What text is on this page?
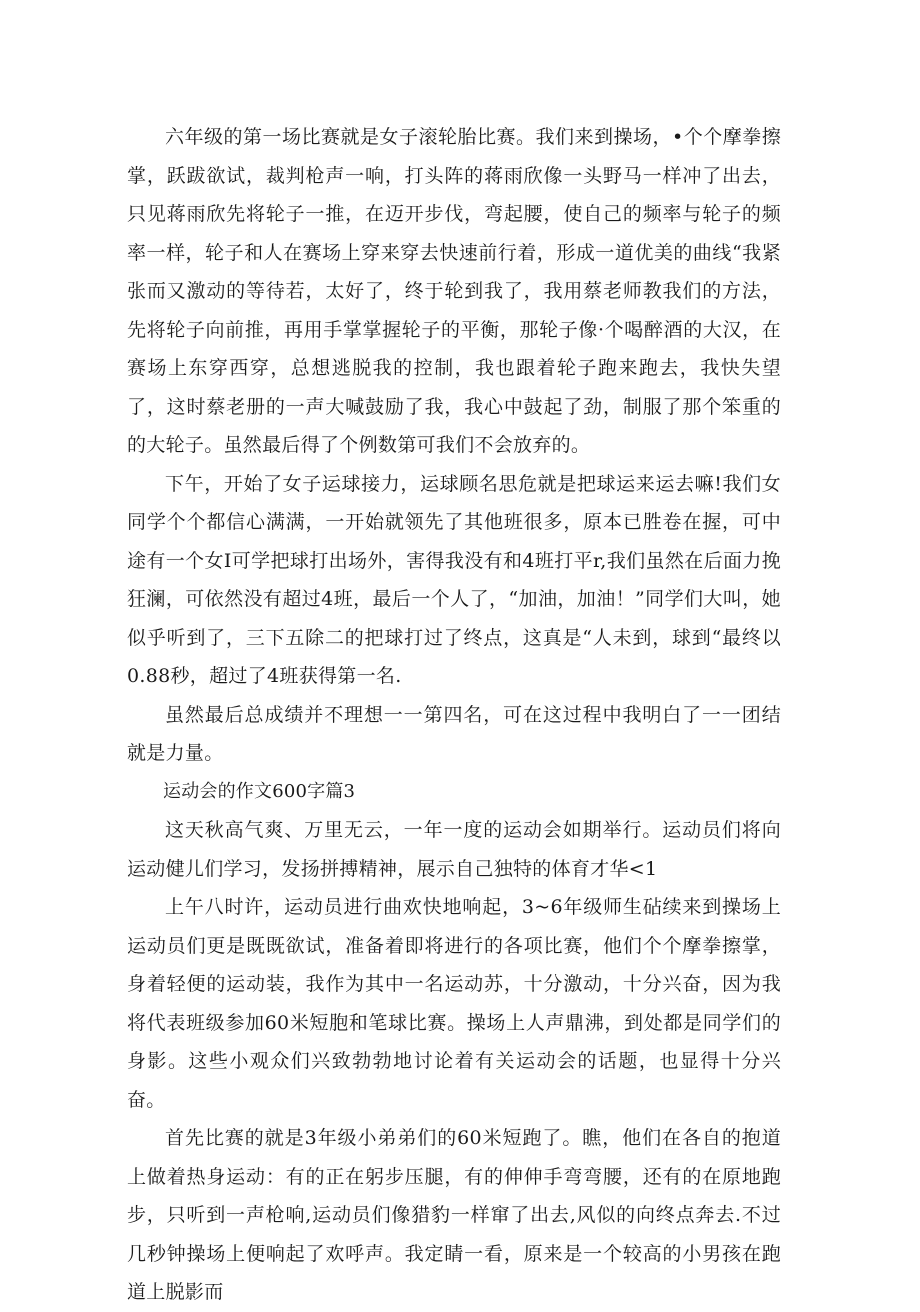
六年级的第一场比赛就是女子滚轮胎比赛。我们来到操场，•个个摩拳擦掌，跃跋欲试，裁判枪声一响，打头阵的蒋雨欣像一头野马一样冲了出去，只见蒋雨欣先将轮子一推，在迈开步伐，弯起腰，使自己的频率与轮子的频率一样，轮子和人在赛场上穿来穿去快速前行着，形成一道优美的曲线“我紧张而又激动的等待若，太好了，终于轮到我了，我用蔡老师教我们的方法，先将轮子向前推，再用手掌掌握轮子的平衡，那轮子像·个喝醉酒的大汉，在赛场上东穿西穿，总想逃脱我的控制，我也跟着轮子跑来跑去，我快失望了，这时蔡老册的一声大喊鼓励了我，我心中鼓起了劲，制服了那个笨重的的大轮子。虽然最后得了个例数第可我们不会放弃的。

下午，开始了女子运球接力，运球顾名思危就是把球运来运去嘛!我们女同学个个都信心满满，一开始就领先了其他班很多，原本已胜卷在握，可中途有一个女I可学把球打出场外，害得我没有和4班打平r,我们虽然在后面力挽狂澜，可依然没有超过4班，最后一个人了，“加油，加油！”同学们大叫，她似乎听到了，三下五除二的把球打过了终点，这真是“人未到，球到“最终以0.88秒，超过了4班获得第一名.

虽然最后总成绩并不理想一一第四名，可在这过程中我明白了一一团结就是力量。

运动会的作文600字篇3

这天秋高气爽、万里无云，一年一度的运动会如期举行。运动员们将向运动健儿们学习，发扬拼搏精神，展示自己独特的体育才华<1

上午八时许，运动员进行曲欢快地响起，3~6年级师生砧续来到操场上运动员们更是既既欲试，准备着即将进行的各项比赛，他们个个摩拳擦掌，身着轻便的运动装，我作为其中一名运动苏，十分激动，十分兴奋，因为我将代表班级参加60米短胞和笔球比赛。操场上人声鼎沸，到处都是同学们的身影。这些小观众们兴致勃勃地讨论着有关运动会的话题，也显得十分兴奋。

首先比赛的就是3年级小弟弟们的60米短跑了。瞧，他们在各自的抱道上做着热身运动：有的正在躬步压腿，有的伸伸手弯弯腰，还有的在原地跑步，只听到一声枪响,运动员们像猎豹一样窜了出去,风似的向终点奔去.不过几秒钟操场上便响起了欢呼声。我定睛一看，原来是一个较高的小男孩在跑道上脱影而
